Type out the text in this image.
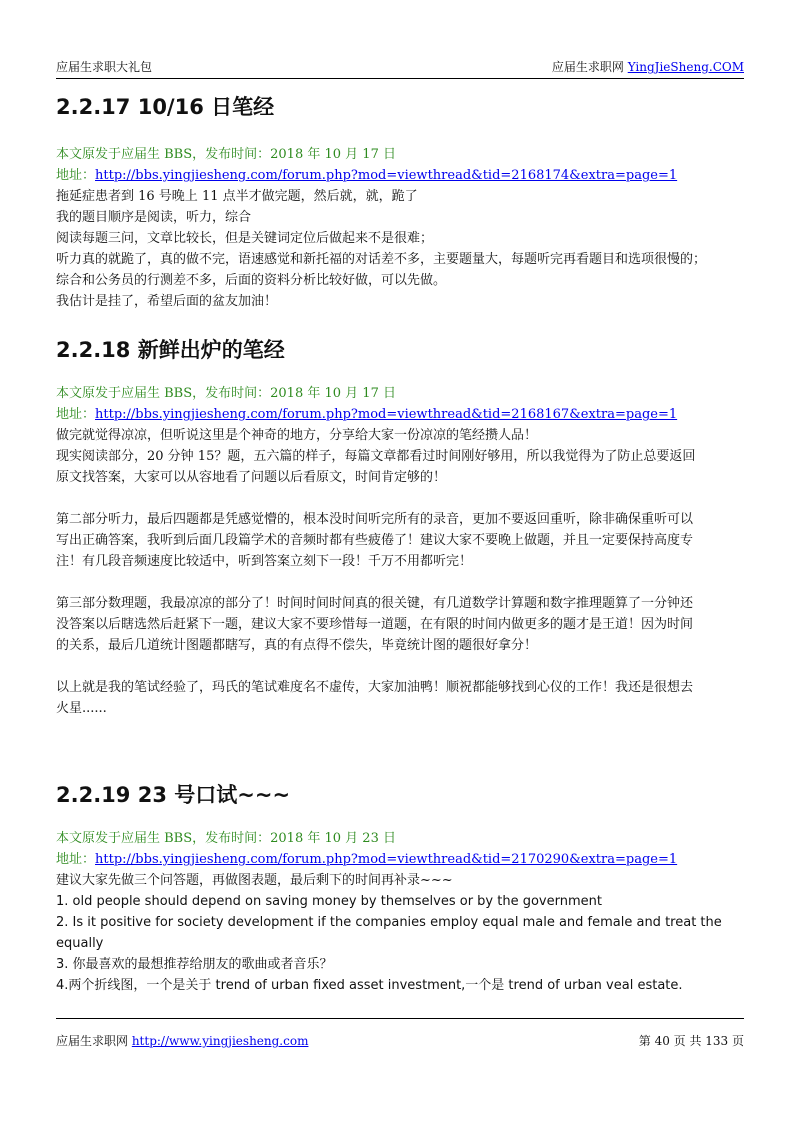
应届生求职大礼包	应届生求职网 YingJieSheng.COM
2.2.17 10/16 日笔经
本文原发于应届生 BBS，发布时间：2018 年 10 月 17 日
地址：http://bbs.yingjiesheng.com/forum.php?mod=viewthread&tid=2168174&extra=page=1

拖延症患者到 16 号晚上 11 点半才做完题，然后就，就，跪了

我的题目顺序是阅读，听力，综合

阅读每题三问，文章比较长，但是关键词定位后做起来不是很难；

听力真的就跪了，真的做不完，语速感觉和新托福的对话差不多，主要题量大，每题听完再看题目和选项很慢的；

综合和公务员的行测差不多，后面的资料分析比较好做，可以先做。

我估计是挂了，希望后面的盆友加油！

2.2.18 新鲜出炉的笔经
本文原发于应届生 BBS，发布时间：2018 年 10 月 17 日
地址：http://bbs.yingjiesheng.com/forum.php?mod=viewthread&tid=2168167&extra=page=1

做完就觉得凉凉，但听说这里是个神奇的地方，分享给大家一份凉凉的笔经攒人品！

现实阅读部分，20 分钟 15？题，五六篇的样子，每篇文章都看过时间刚好够用，所以我觉得为了防止总要返回

原文找答案，大家可以从容地看了问题以后看原文，时间肯定够的！

第二部分听力，最后四题都是凭感觉懵的，根本没时间听完所有的录音，更加不要返回重听，除非确保重听可以

写出正确答案，我听到后面几段篇学术的音频时都有些疲倦了！建议大家不要晚上做题，并且一定要保持高度专

注！有几段音频速度比较适中，听到答案立刻下一段！千万不用都听完！

第三部分数理题，我最凉凉的部分了！时间时间时间真的很关键，有几道数学计算题和数字推理题算了一分钟还

没答案以后瞎选然后赶紧下一题，建议大家不要珍惜每一道题，在有限的时间内做更多的题才是王道！因为时间

的关系，最后几道统计图题都瞎写，真的有点得不偿失，毕竟统计图的题很好拿分！

以上就是我的笔试经验了，玛氏的笔试难度名不虚传，大家加油鸭！顺祝都能够找到心仪的工作！我还是很想去

火星......

2.2.19 23 号口试~~~
本文原发于应届生 BBS，发布时间：2018 年 10 月 23 日
地址：http://bbs.yingjiesheng.com/forum.php?mod=viewthread&tid=2170290&extra=page=1

建议大家先做三个问答题，再做图表题，最后剩下的时间再补录~~~

1. old people should depend on saving money by themselves or by the government

2. Is it positive for society development if the companies employ equal male and female and treat the equally

3. 你最喜欢的最想推荐给朋友的歌曲或者音乐？

4.两个折线图，一个是关于 trend of urban fixed asset investment,一个是 trend of urban veal estate.

应届生求职网 http://www.yingjiesheng.com	第 40 页 共 133 页
